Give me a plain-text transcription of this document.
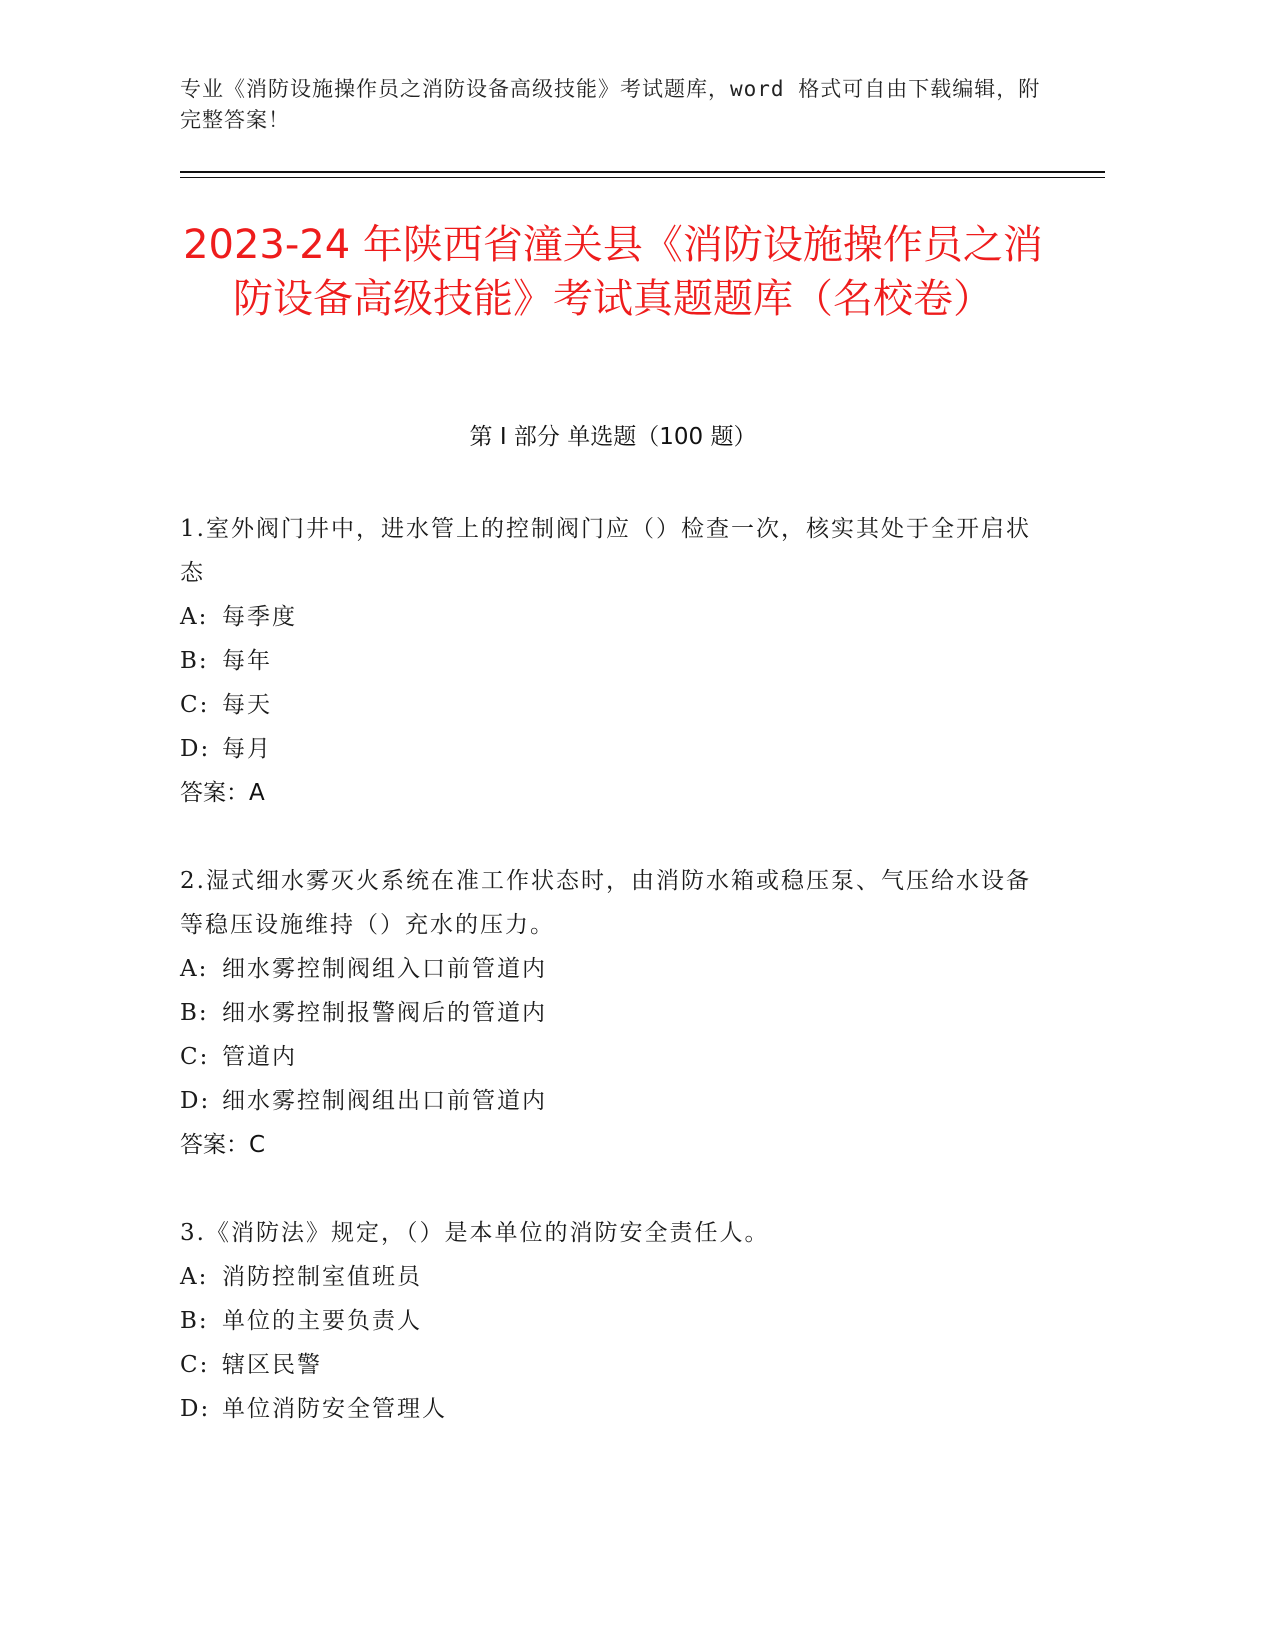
专业《消防设施操作员之消防设备高级技能》考试题库，word 格式可自由下载编辑，附完整答案！
2023-24 年陕西省潼关县《消防设施操作员之消防设备高级技能》考试真题题库（名校卷）
第 I 部分 单选题（100 题）

1.室外阀门井中，进水管上的控制阀门应（）检查一次，核实其处于全开启状态

A: 每季度

B: 每年

C: 每天

D: 每月

答案：A

2.湿式细水雾灭火系统在准工作状态时，由消防水箱或稳压泵、气压给水设备等稳压设施维持（）充水的压力。

A: 细水雾控制阀组入口前管道内

B: 细水雾控制报警阀后的管道内

C: 管道内

D: 细水雾控制阀组出口前管道内

答案：C

3.《消防法》规定，（）是本单位的消防安全责任人。

A: 消防控制室值班员

B: 单位的主要负责人

C: 辖区民警

D: 单位消防安全管理人
